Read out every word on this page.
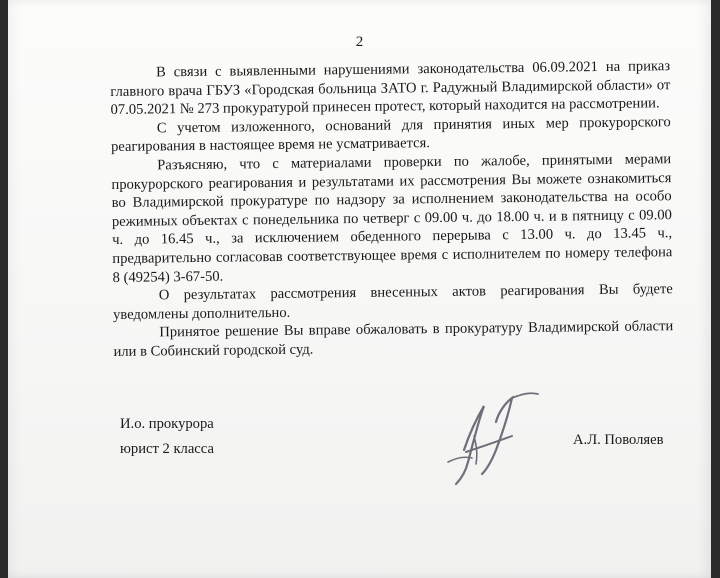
2

В связи с выявленными нарушениями законодательства 06.09.2021 на приказ главного врача ГБУЗ «Городская больница ЗАТО г. Радужный Владимирской области» от 07.05.2021 № 273 прокуратурой принесен протест, который находится на рассмотрении.

С учетом изложенного, оснований для принятия иных мер прокурорского реагирования в настоящее время не усматривается.

Разъясняю, что с материалами проверки по жалобе, принятыми мерами прокурорского реагирования и результатами их рассмотрения Вы можете ознакомиться во Владимирской прокуратуре по надзору за исполнением законодательства на особо режимных объектах с понедельника по четверг с 09.00 ч. до 18.00 ч. и в пятницу с 09.00 ч. до 16.45 ч., за исключением обеденного перерыва с 13.00 ч. до 13.45 ч., предварительно согласовав соответствующее время с исполнителем по номеру телефона 8 (49254) 3-67-50.

О результатах рассмотрения внесенных актов реагирования Вы будете уведомлены дополнительно.

Принятое решение Вы вправе обжаловать в прокуратуру Владимирской области или в Собинский городской суд.

И.о. прокурора
юрист 2 класса
А.Л. Поволяев
